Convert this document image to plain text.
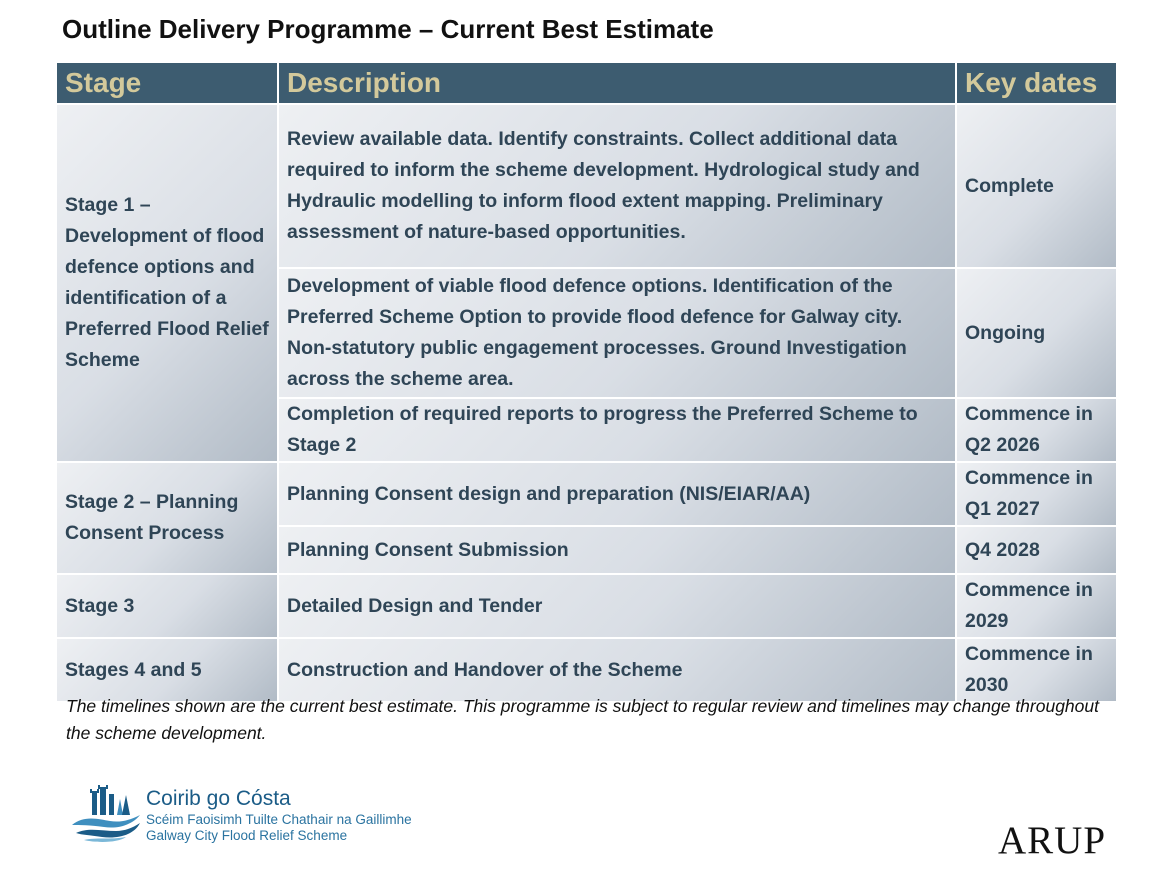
Outline Delivery Programme – Current Best Estimate
Stage	Description	Key dates
Stage 1 – Development of flood defence options and identification of a Preferred Flood Relief Scheme	Review available data. Identify constraints. Collect additional data required to inform the scheme development. Hydrological study and Hydraulic modelling to inform flood extent mapping. Preliminary assessment of nature-based opportunities.	Complete
	Development of viable flood defence options. Identification of the Preferred Scheme Option to provide flood defence for Galway city. Non-statutory public engagement processes. Ground Investigation across the scheme area.	Ongoing
	Completion of required reports to progress the Preferred Scheme to Stage 2	Commence in Q2 2026
Stage 2 – Planning Consent Process	Planning Consent design and preparation (NIS/EIAR/AA)	Commence in Q1 2027
	Planning Consent Submission	Q4 2028
Stage 3	Detailed Design and Tender	Commence in 2029
Stages 4 and 5	Construction and Handover of the Scheme	Commence in 2030
The timelines shown are the current best estimate. This programme is subject to regular review and timelines may change throughout the scheme development.
Coirib go Cósta
Scéim Faoisimh Tuilte Chathair na Gaillimhe
Galway City Flood Relief Scheme	ARUP
